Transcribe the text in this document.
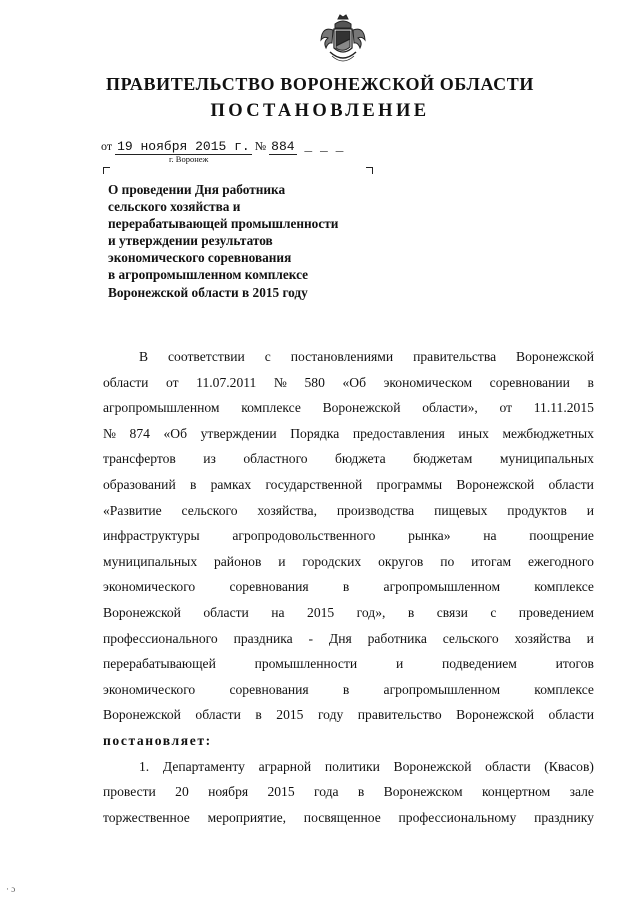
ПРАВИТЕЛЬСТВО ВОРОНЕЖСКОЙ ОБЛАСТИ
ПОСТАНОВЛЕНИЕ
от 19 ноября 2015 г. № 884 _ _ _
г. Воронеж
О проведении Дня работника
сельского хозяйства и
перерабатывающей промышленности
и утверждении результатов
экономического соревнования
в агропромышленном комплексе
Воронежской области в 2015 году
В соответствии с постановлениями правительства Воронежской
области от 11.07.2011 № 580 «Об экономическом соревновании в
агропромышленном комплексе Воронежской области», от 11.11.2015
№ 874 «Об утверждении Порядка предоставления иных межбюджетных
трансфертов из областного бюджета бюджетам муниципальных
образований в рамках государственной программы Воронежской области
«Развитие сельского хозяйства, производства пищевых продуктов и
инфраструктуры агропродовольственного рынка» на поощрение
муниципальных районов и городских округов по итогам ежегодного
экономического	соревнования	в	агропромышленном	комплексе
Воронежской области на 2015 год», в связи с проведением
профессионального праздника - Дня работника сельского хозяйства и
перерабатывающей	промышленности	и	подведением	итогов
экономического	соревнования	в	агропромышленном	комплексе
Воронежской области в 2015 году правительство Воронежской области
постановляет:
1. Департаменту аграрной политики Воронежской области (Квасов)
провести 20 ноября 2015 года в Воронежском концертном зале
торжественное мероприятие, посвященное профессиональному празднику
· ɔ
